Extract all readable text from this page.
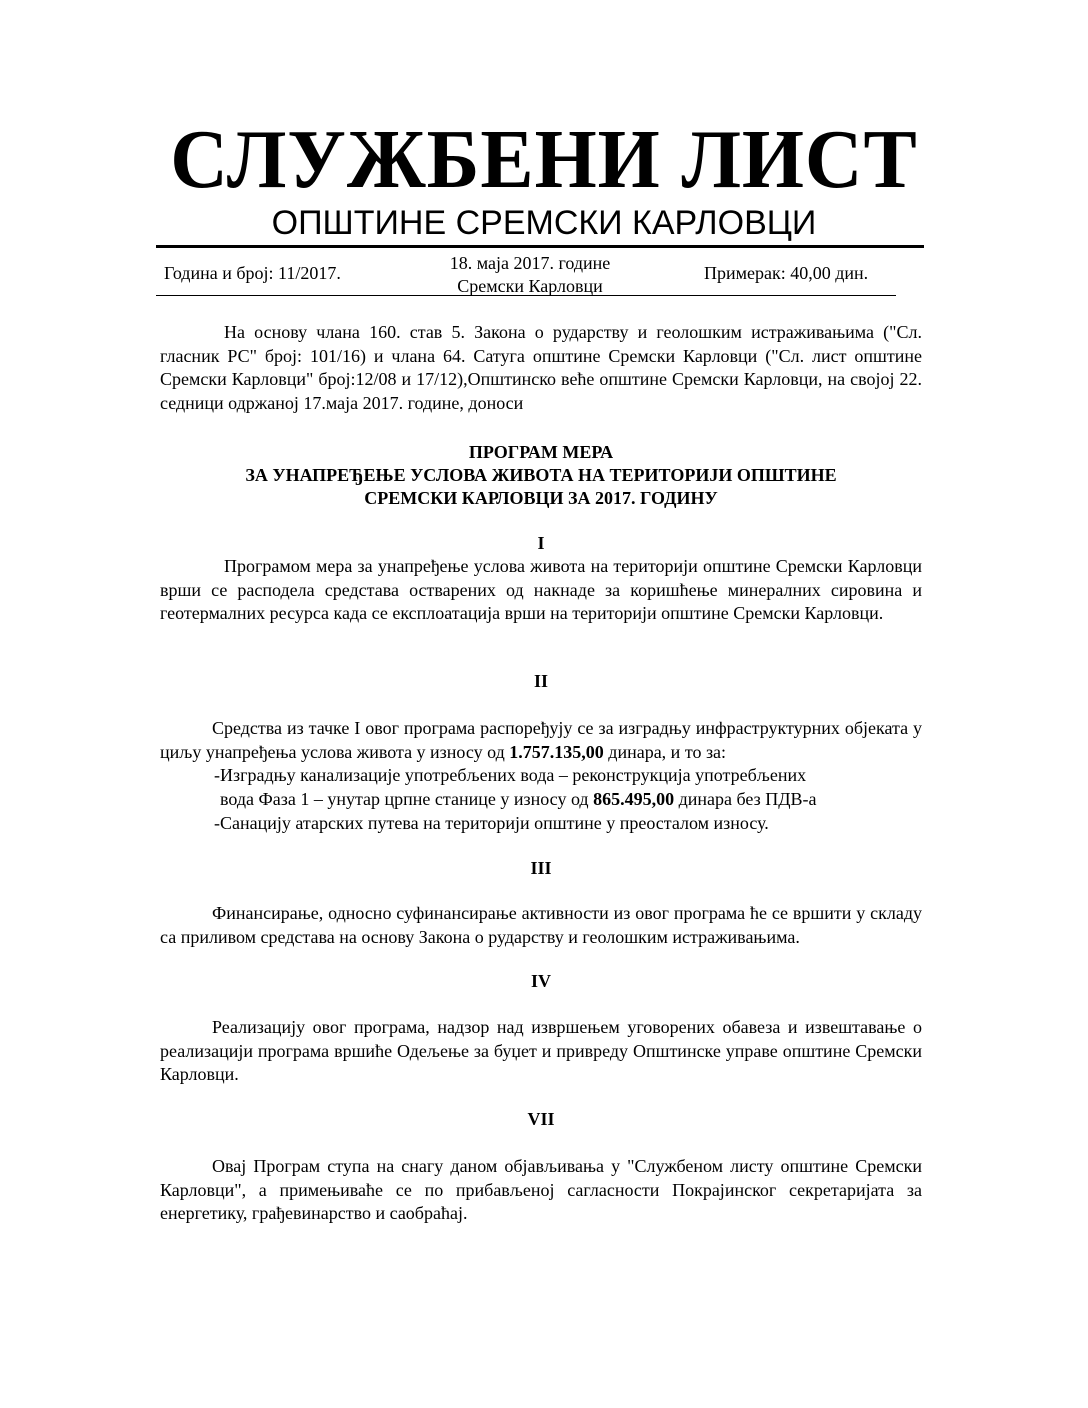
СЛУЖБЕНИ ЛИСТ
ОПШТИНЕ СРЕМСКИ КАРЛОВЦИ
Година и број: 11/2017.	18. маја 2017. године
Сремски Карловци
Примерак: 40,00 дин.
На основу члана 160. став 5. Закона о рударству и геолошким истраживањима ("Сл. гласник РС" број: 101/16) и члана 64. Сатуга општине Сремски Карловци ("Сл. лист општине Сремски Карловци" број:12/08 и 17/12),Општинско веће општине Сремски Карловци, на својој 22. седници одржаној 17.маја 2017. године, доноси
ПРОГРАМ МЕРА
ЗА УНАПРЕЂЕЊЕ УСЛОВА ЖИВОТА НА ТЕРИТОРИЈИ ОПШТИНЕ
СРЕМСКИ КАРЛОВЦИ ЗА 2017. ГОДИНУ
I
Програмом мера за унапређење услова живота на територији општине Сремски Карловци врши се расподела средстава остварених од накнаде за коришћење минералних сировина и геотермалних ресурса када се експлоатација врши на територији општине Сремски Карловци.
II
Средства из тачке I овог програма распоређују се за изградњу инфраструктурних објеката у циљу унапређења услова живота у износу од 1.757.135,00 динара, и то за:
-Изградњу канализације употребљених вода – реконструкција употребљених
вода Фаза 1 – унутар црпне станице у износу од 865.495,00 динара без ПДВ-а
-Санацију атарских путева на територији општине у преосталом износу.
III
Финансирање, односно суфинансирање активности из овог програма ће се вршити у складу са приливом средстава на основу Закона о рударству и геолошким истраживањима.
IV
Реализацију овог програма, надзор над извршењем уговорених обавеза и извештавање о реализацији програма вршиће Одељење за буџет и привреду Општинске управе општине Сремски Карловци.
VII
Овај Програм ступа на снагу даном објављивања у "Службеном листу општине Сремски Карловци", а примењиваће се по прибављеној сагласности Покрајинског секретаријата за енергетику, грађевинарство и саобраћај.
